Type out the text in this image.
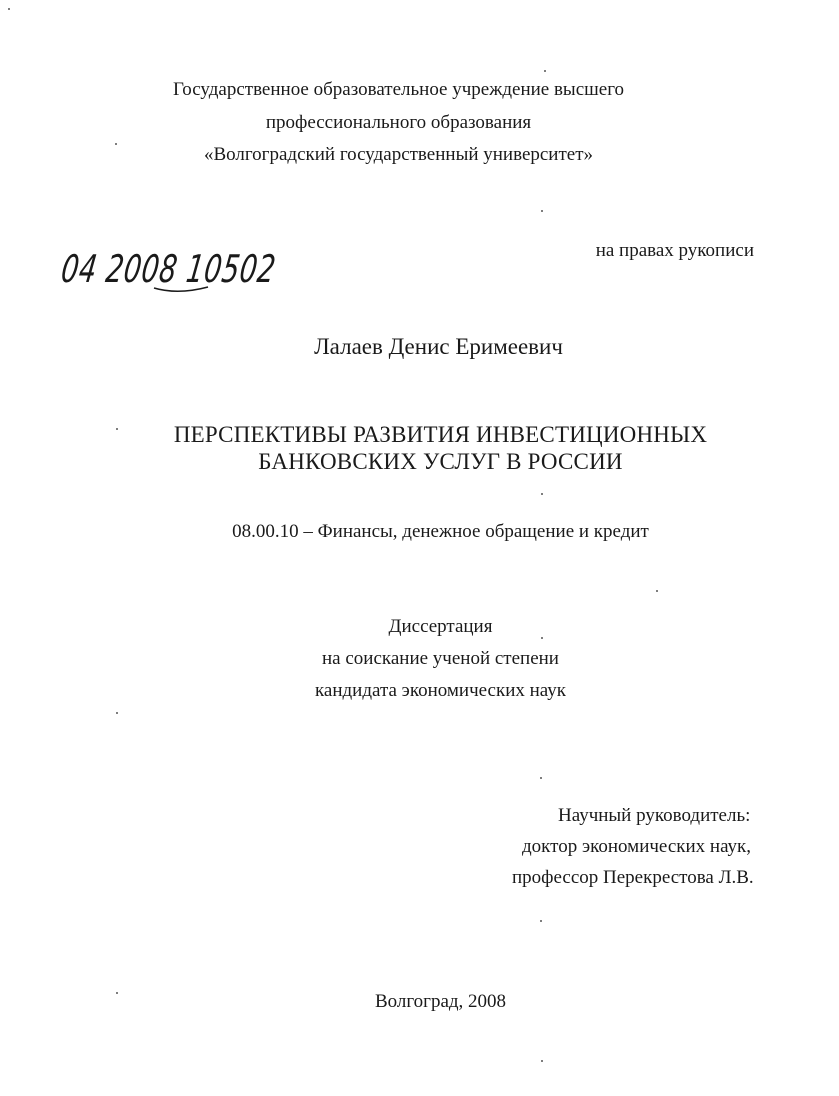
Государственное образовательное учреждение высшего

профессионального образования

«Волгоградский государственный университет»

04 2008 10502	на правах рукописи

Лалаев Денис Еримеевич

ПЕРСПЕКТИВЫ РАЗВИТИЯ ИНВЕСТИЦИОННЫХ

БАНКОВСКИХ УСЛУГ В РОССИИ

08.00.10 – Финансы, денежное обращение и кредит

Диссертация

на соискание ученой степени

кандидата экономических наук

Научный руководитель:

доктор экономических наук,

профессор Перекрестова Л.В.

Волгоград, 2008
